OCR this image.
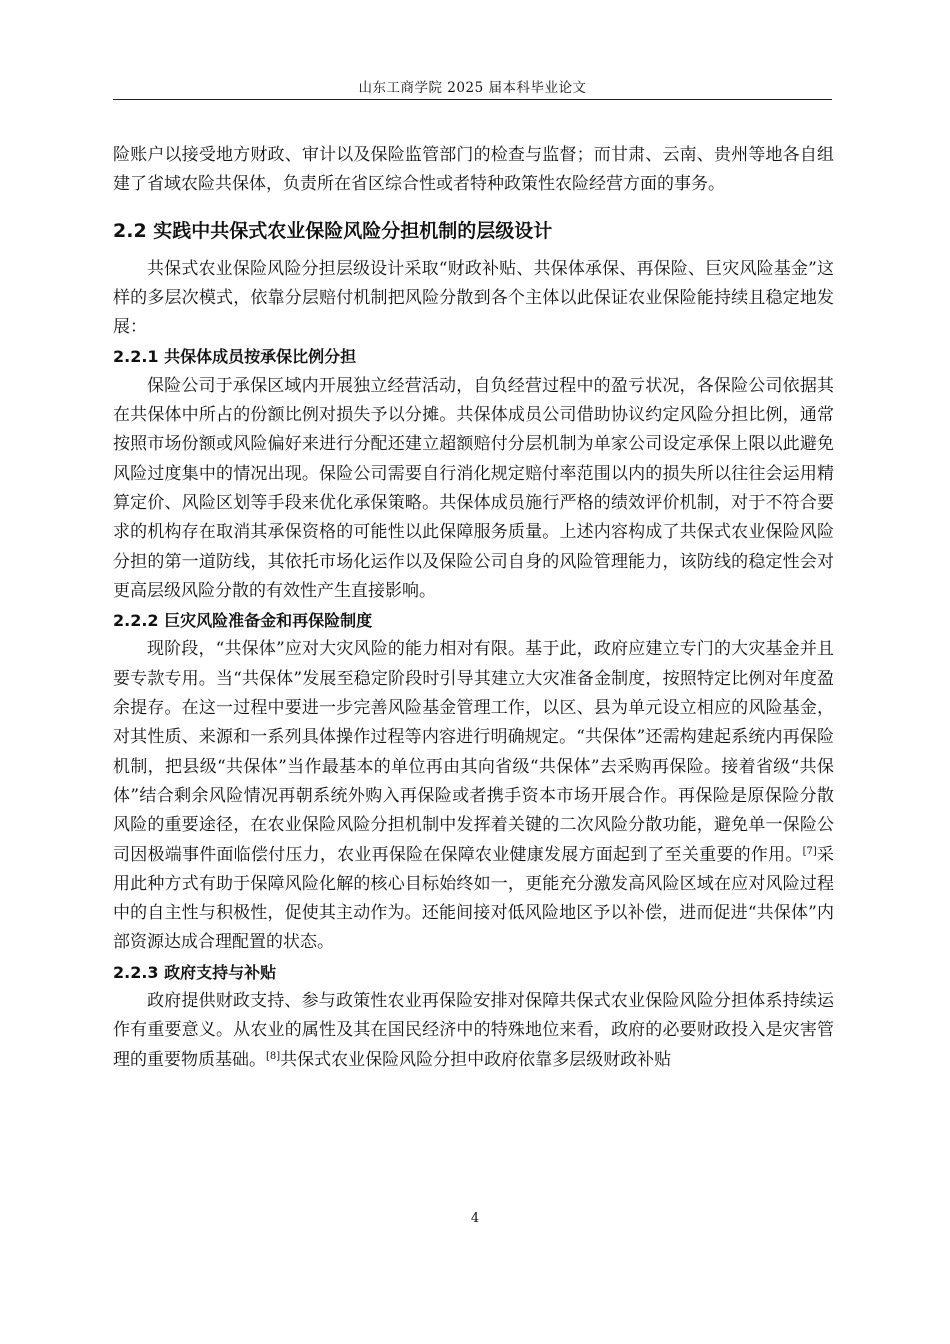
山东工商学院 2025 届本科毕业论文

险账户以接受地方财政、审计以及保险监管部门的检查与监督；而甘肃、云南、贵州等地各自组建了省域农险共保体，负责所在省区综合性或者特种政策性农险经营方面的事务。

2.2 实践中共保式农业保险风险分担机制的层级设计

共保式农业保险风险分担层级设计采取“财政补贴、共保体承保、再保险、巨灾风险基金”这样的多层次模式，依靠分层赔付机制把风险分散到各个主体以此保证农业保险能持续且稳定地发展：

2.2.1 共保体成员按承保比例分担

保险公司于承保区域内开展独立经营活动，自负经营过程中的盈亏状况，各保险公司依据其在共保体中所占的份额比例对损失予以分摊。共保体成员公司借助协议约定风险分担比例，通常按照市场份额或风险偏好来进行分配还建立超额赔付分层机制为单家公司设定承保上限以此避免风险过度集中的情况出现。保险公司需要自行消化规定赔付率范围以内的损失所以往往会运用精算定价、风险区划等手段来优化承保策略。共保体成员施行严格的绩效评价机制，对于不符合要求的机构存在取消其承保资格的可能性以此保障服务质量。上述内容构成了共保式农业保险风险分担的第一道防线，其依托市场化运作以及保险公司自身的风险管理能力，该防线的稳定性会对更高层级风险分散的有效性产生直接影响。

2.2.2 巨灾风险准备金和再保险制度

现阶段，“共保体”应对大灾风险的能力相对有限。基于此，政府应建立专门的大灾基金并且要专款专用。当“共保体”发展至稳定阶段时引导其建立大灾准备金制度，按照特定比例对年度盈余提存。在这一过程中要进一步完善风险基金管理工作，以区、县为单元设立相应的风险基金，对其性质、来源和一系列具体操作过程等内容进行明确规定。“共保体”还需构建起系统内再保险机制，把县级“共保体”当作最基本的单位再由其向省级“共保体”去采购再保险。接着省级“共保体”结合剩余风险情况再朝系统外购入再保险或者携手资本市场开展合作。再保险是原保险分散风险的重要途径，在农业保险风险分担机制中发挥着关键的二次风险分散功能，避免单一保险公司因极端事件面临偿付压力，农业再保险在保障农业健康发展方面起到了至关重要的作用。[7]采用此种方式有助于保障风险化解的核心目标始终如一，更能充分激发高风险区域在应对风险过程中的自主性与积极性，促使其主动作为。还能间接对低风险地区予以补偿，进而促进“共保体”内部资源达成合理配置的状态。

2.2.3 政府支持与补贴

政府提供财政支持、参与政策性农业再保险安排对保障共保式农业保险风险分担体系持续运作有重要意义。从农业的属性及其在国民经济中的特殊地位来看，政府的必要财政投入是灾害管理的重要物质基础。[8]共保式农业保险风险分担中政府依靠多层级财政补贴

4
